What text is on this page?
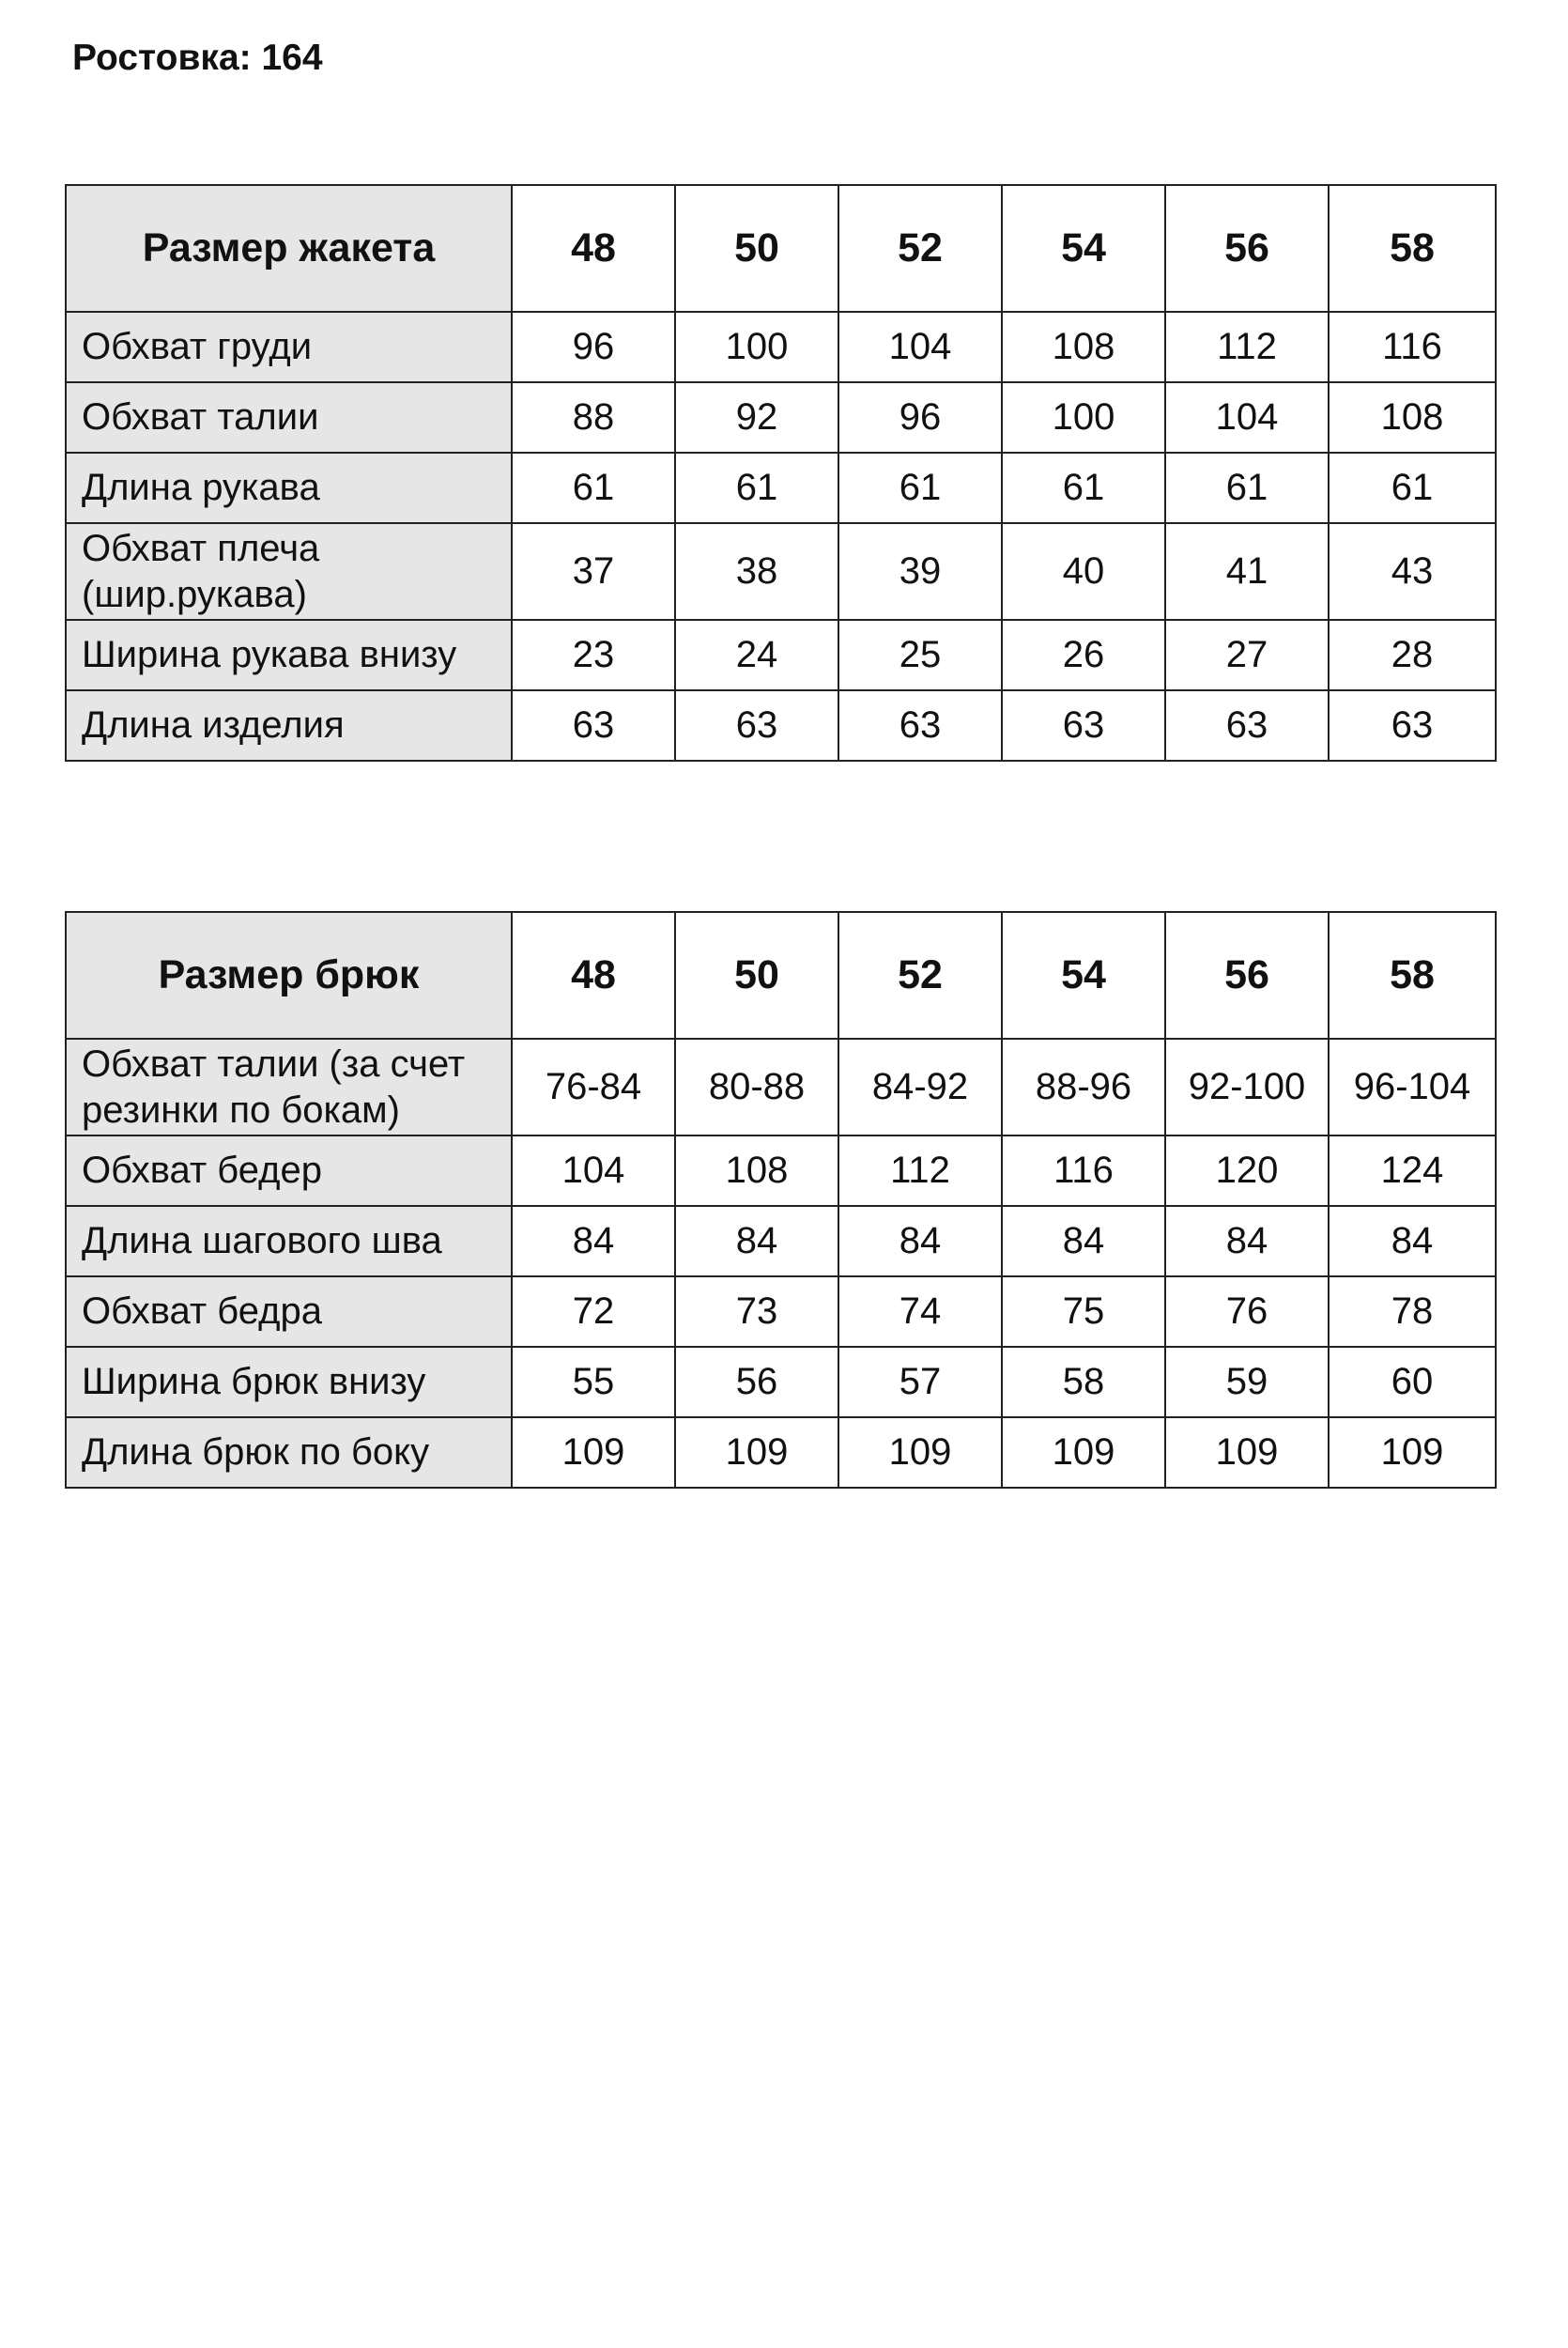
Ростовка: 164
Размер жакета	48	50	52	54	56	58

Обхват груди	96	100	104	108	112	116

Обхват талии	88	92	96	100	104	108

Длина рукава	61	61	61	61	61	61

Обхват плеча
(шир.рукава)	37	38	39	40	41	43

Ширина рукава внизу	23	24	25	26	27	28

Длина изделия	63	63	63	63	63	63
Размер брюк	48	50	52	54	56	58

Обхват талии (за счет
резинки по бокам)	76-84	80-88	84-92	88-96	92-100	96-104

Обхват бедер	104	108	112	116	120	124

Длина шагового шва	84	84	84	84	84	84

Обхват бедра	72	73	74	75	76	78

Ширина брюк внизу	55	56	57	58	59	60

Длина брюк по боку	109	109	109	109	109	109
